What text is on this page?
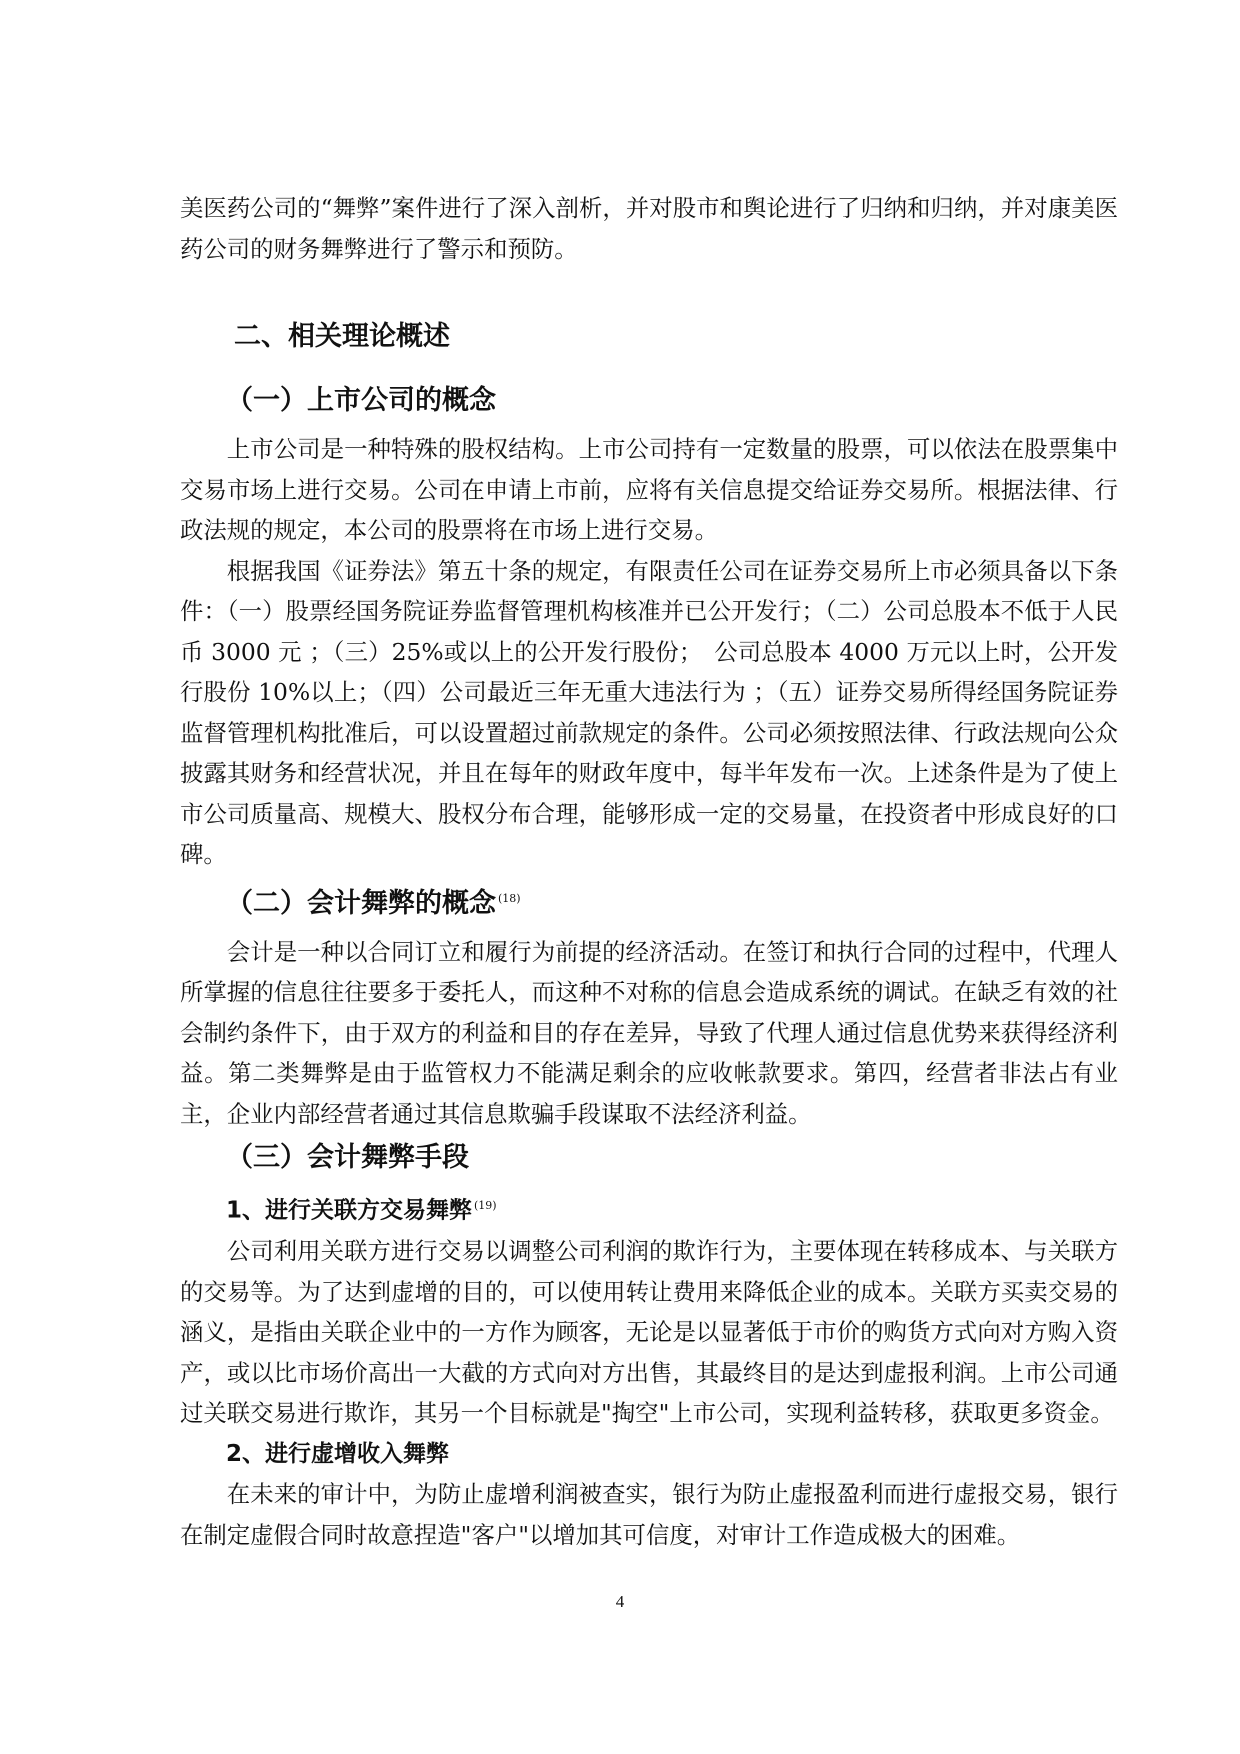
美医药公司的“舞弊”案件进行了深入剖析，并对股市和舆论进行了归纳和归纳，并对康美医药公司的财务舞弊进行了警示和预防。

二、相关理论概述
（一）上市公司的概念

上市公司是一种特殊的股权结构。上市公司持有一定数量的股票，可以依法在股票集中交易市场上进行交易。公司在申请上市前，应将有关信息提交给证券交易所。根据法律、行政法规的规定，本公司的股票将在市场上进行交易。

根据我国《证券法》第五十条的规定，有限责任公司在证券交易所上市必须具备以下条件：（一）股票经国务院证券监督管理机构核准并已公开发行；（二）公司总股本不低于人民币 3000 元 ；（三）25%或以上的公开发行股份；　公司总股本 4000 万元以上时，公开发行股份 10%以上；（四）公司最近三年无重大违法行为 ；（五）证券交易所得经国务院证券监督管理机构批准后，可以设置超过前款规定的条件。公司必须按照法律、行政法规向公众披露其财务和经营状况，并且在每年的财政年度中，每半年发布一次。上述条件是为了使上市公司质量高、规模大、股权分布合理，能够形成一定的交易量，在投资者中形成良好的口碑。

（二）会计舞弊的概念 $^{(18)}$

会计是一种以合同订立和履行为前提的经济活动。在签订和执行合同的过程中，代理人所掌握的信息往往要多于委托人，而这种不对称的信息会造成系统的调试。在缺乏有效的社会制约条件下，由于双方的利益和目的存在差异，导致了代理人通过信息优势来获得经济利益。第二类舞弊是由于监管权力不能满足剩余的应收帐款要求。第四，经营者非法占有业主，企业内部经营者通过其信息欺骗手段谋取不法经济利益。

（三）会计舞弊手段
1、进行关联方交易舞弊 $^{(19)}$

公司利用关联方进行交易以调整公司利润的欺诈行为，主要体现在转移成本、与关联方的交易等。为了达到虚增的目的，可以使用转让费用来降低企业的成本。关联方买卖交易的涵义，是指由关联企业中的一方作为顾客，无论是以显著低于市价的购货方式向对方购入资产，或以比市场价高出一大截的方式向对方出售，其最终目的是达到虚报利润。上市公司通过关联交易进行欺诈，其另一个目标就是"掏空"上市公司，实现利益转移，获取更多资金。

2、进行虚增收入舞弊

在未来的审计中，为防止虚增利润被查实，银行为防止虚报盈利而进行虚报交易，银行在制定虚假合同时故意捏造"客户"以增加其可信度，对审计工作造成极大的困难。

4
